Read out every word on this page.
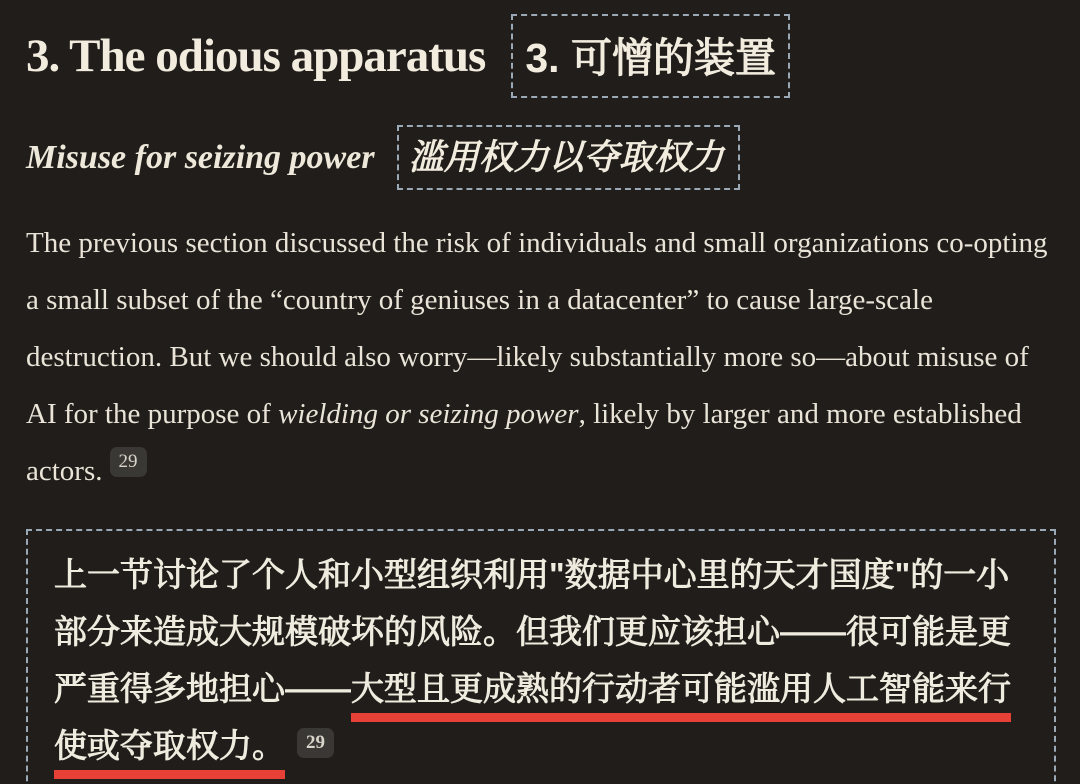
3. The odious apparatus 3. 可憎的装置
Misuse for seizing power 滥用权力以夺取权力

The previous section discussed the risk of individuals and small organizations co-opting a small subset of the “country of geniuses in a datacenter” to cause large-scale destruction. But we should also worry—likely substantially more so—about misuse of AI for the purpose of wielding or seizing power, likely by larger and more established actors. $^{29}$

上一节讨论了个人和小型组织利用"数据中心里的天才国度"的一小部分来造成大规模破坏的风险。但我们更应该担心——很可能是更严重得多地担心——大型且更成熟的行动者可能滥用人工智能来行使或夺取权力。 $^{29}$
